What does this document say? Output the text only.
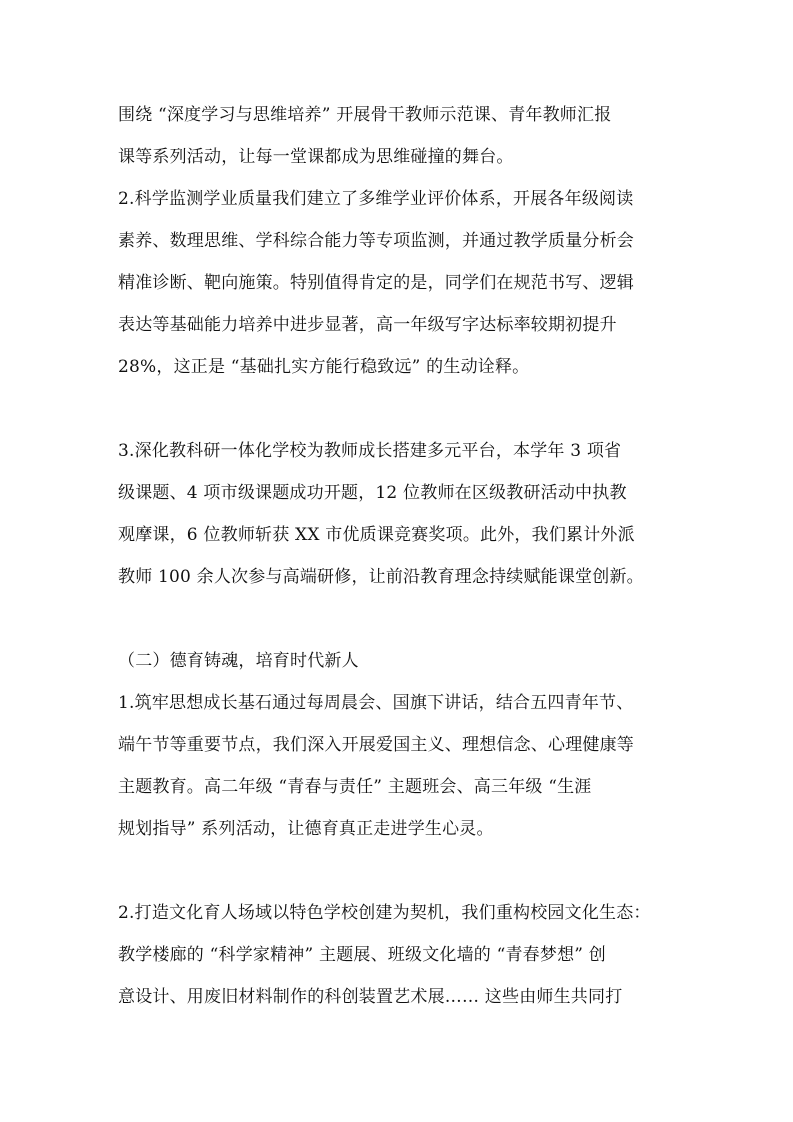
围绕 “深度学习与思维培养” 开展骨干教师示范课、青年教师汇报
课等系列活动，让每一堂课都成为思维碰撞的舞台。
2.科学监测学业质量我们建立了多维学业评价体系，开展各年级阅读
素养、数理思维、学科综合能力等专项监测，并通过教学质量分析会
精准诊断、靶向施策。特别值得肯定的是，同学们在规范书写、逻辑
表达等基础能力培养中进步显著，高一年级写字达标率较期初提升
28%，这正是 “基础扎实方能行稳致远” 的生动诠释。
3.深化教科研一体化学校为教师成长搭建多元平台，本学年 3 项省
级课题、4 项市级课题成功开题，12 位教师在区级教研活动中执教
观摩课，6 位教师斩获 XX 市优质课竞赛奖项。此外，我们累计外派
教师 100 余人次参与高端研修，让前沿教育理念持续赋能课堂创新。
（二）德育铸魂，培育时代新人
1.筑牢思想成长基石通过每周晨会、国旗下讲话，结合五四青年节、
端午节等重要节点，我们深入开展爱国主义、理想信念、心理健康等
主题教育。高二年级 “青春与责任” 主题班会、高三年级 “生涯
规划指导” 系列活动，让德育真正走进学生心灵。
2.打造文化育人场域以特色学校创建为契机，我们重构校园文化生态：
教学楼廊的 “科学家精神” 主题展、班级文化墙的 “青春梦想” 创
意设计、用废旧材料制作的科创装置艺术展…… 这些由师生共同打
